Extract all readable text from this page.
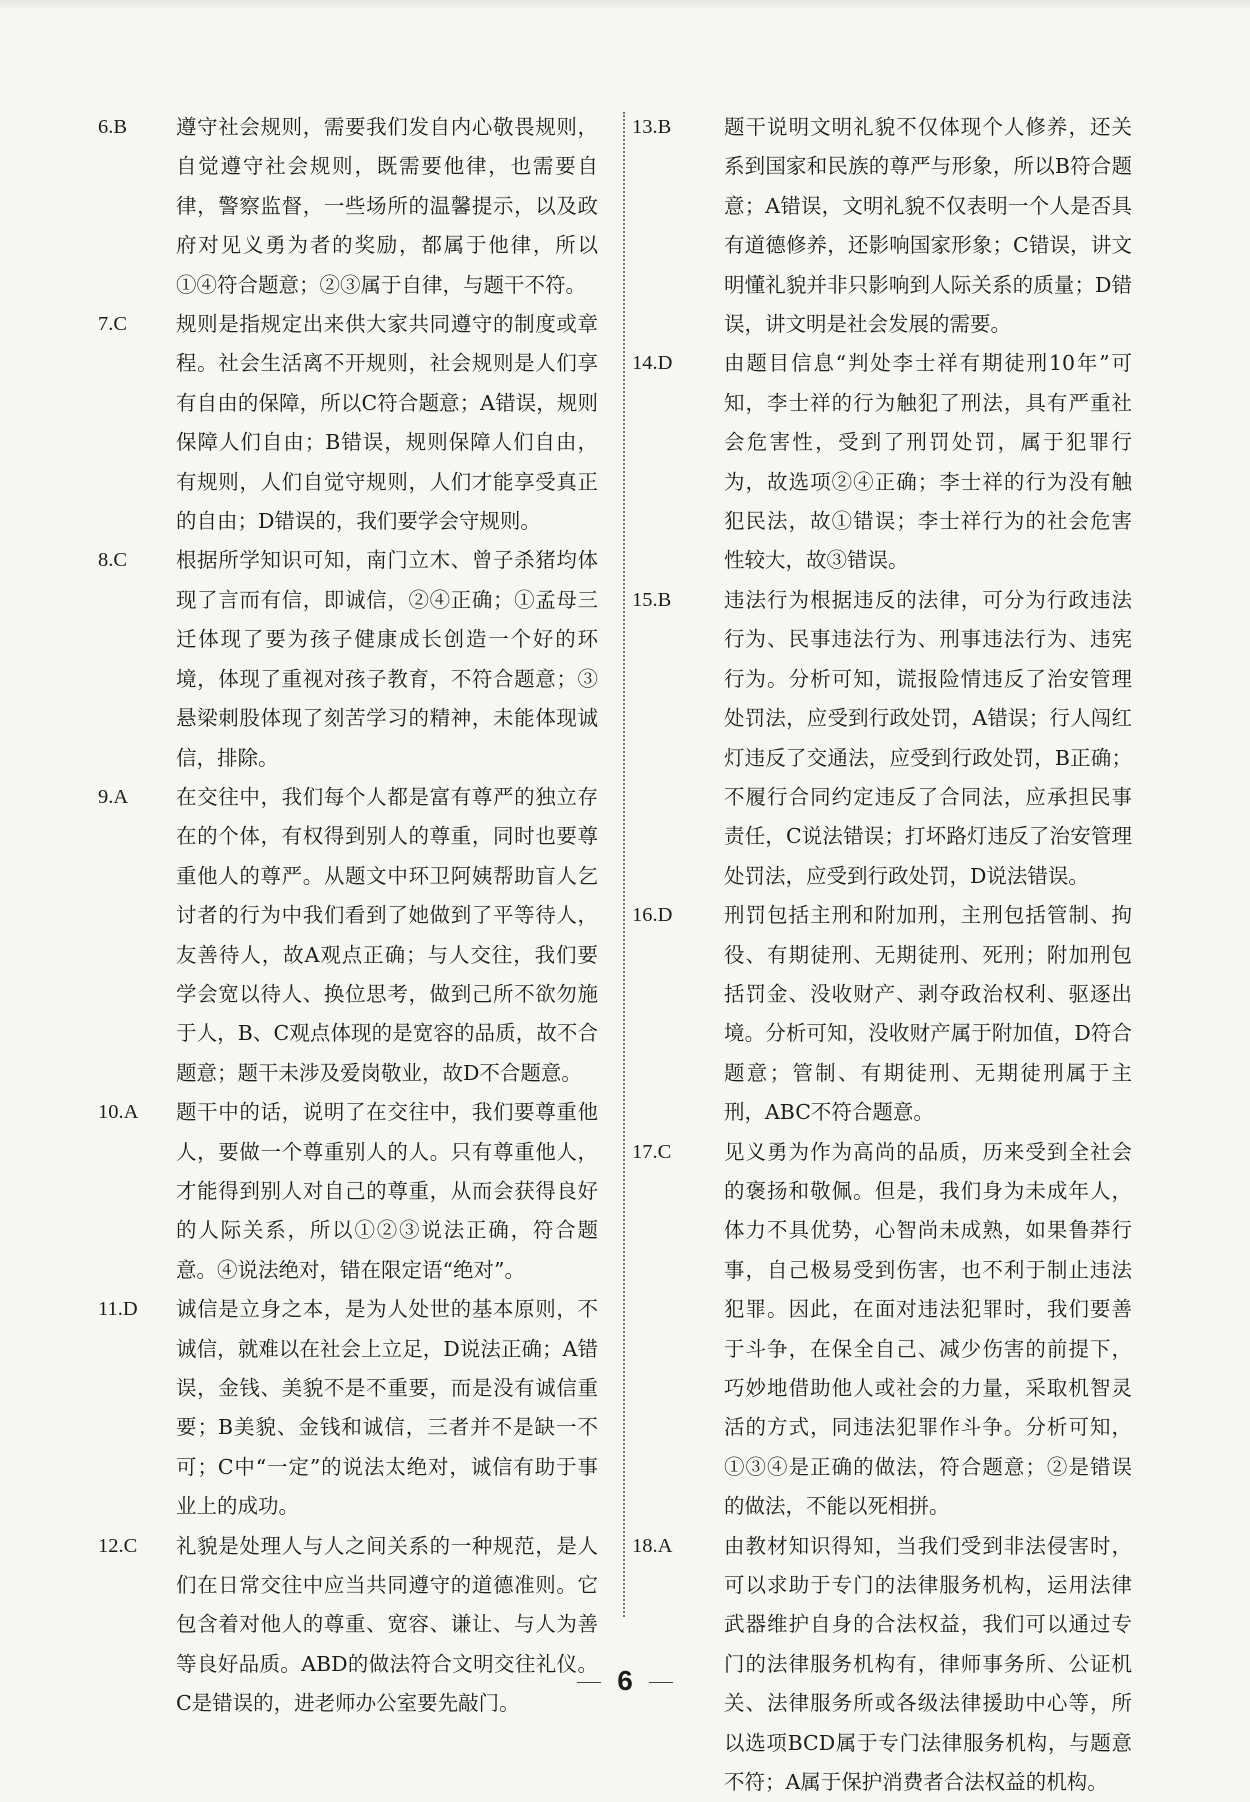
6.B	遵守社会规则，需要我们发自内心敬畏规则，自觉遵守社会规则，既需要他律，也需要自律，警察监督，一些场所的温馨提示，以及政府对见义勇为者的奖励，都属于他律，所以①④符合题意；②③属于自律，与题干不符。
7.C	规则是指规定出来供大家共同遵守的制度或章程。社会生活离不开规则，社会规则是人们享有自由的保障，所以C符合题意；A错误，规则保障人们自由；B错误，规则保障人们自由，有规则，人们自觉守规则，人们才能享受真正的自由；D错误的，我们要学会守规则。
8.C	根据所学知识可知，南门立木、曾子杀猪均体现了言而有信，即诚信，②④正确；①孟母三迁体现了要为孩子健康成长创造一个好的环境，体现了重视对孩子教育，不符合题意；③悬梁刺股体现了刻苦学习的精神，未能体现诚信，排除。
9.A	在交往中，我们每个人都是富有尊严的独立存在的个体，有权得到别人的尊重，同时也要尊重他人的尊严。从题文中环卫阿姨帮助盲人乞讨者的行为中我们看到了她做到了平等待人，友善待人，故A观点正确；与人交往，我们要学会宽以待人、换位思考，做到己所不欲勿施于人，B、C观点体现的是宽容的品质，故不合题意；题干未涉及爱岗敬业，故D不合题意。
10.A	题干中的话，说明了在交往中，我们要尊重他人，要做一个尊重别人的人。只有尊重他人，才能得到别人对自己的尊重，从而会获得良好的人际关系，所以①②③说法正确，符合题意。④说法绝对，错在限定语“绝对”。
11.D	诚信是立身之本，是为人处世的基本原则，不诚信，就难以在社会上立足，D说法正确；A错误，金钱、美貌不是不重要，而是没有诚信重要；B美貌、金钱和诚信，三者并不是缺一不可；C中“一定”的说法太绝对，诚信有助于事业上的成功。
12.C	礼貌是处理人与人之间关系的一种规范，是人们在日常交往中应当共同遵守的道德准则。它包含着对他人的尊重、宽容、谦让、与人为善等良好品质。ABD的做法符合文明交往礼仪。C是错误的，进老师办公室要先敲门。
13.B	题干说明文明礼貌不仅体现个人修养，还关系到国家和民族的尊严与形象，所以B符合题意；A错误，文明礼貌不仅表明一个人是否具有道德修养，还影响国家形象；C错误，讲文明懂礼貌并非只影响到人际关系的质量；D错误，讲文明是社会发展的需要。
14.D	由题目信息“判处李士祥有期徒刑10年”可知，李士祥的行为触犯了刑法，具有严重社会危害性，受到了刑罚处罚，属于犯罪行为，故选项②④正确；李士祥的行为没有触犯民法，故①错误；李士祥行为的社会危害性较大，故③错误。
15.B	违法行为根据违反的法律，可分为行政违法行为、民事违法行为、刑事违法行为、违宪行为。分析可知，谎报险情违反了治安管理处罚法，应受到行政处罚，A错误；行人闯红灯违反了交通法，应受到行政处罚，B正确；不履行合同约定违反了合同法，应承担民事责任，C说法错误；打坏路灯违反了治安管理处罚法，应受到行政处罚，D说法错误。
16.D	刑罚包括主刑和附加刑，主刑包括管制、拘役、有期徒刑、无期徒刑、死刑；附加刑包括罚金、没收财产、剥夺政治权利、驱逐出境。分析可知，没收财产属于附加值，D符合题意；管制、有期徒刑、无期徒刑属于主刑，ABC不符合题意。
17.C	见义勇为作为高尚的品质，历来受到全社会的褒扬和敬佩。但是，我们身为未成年人，体力不具优势，心智尚未成熟，如果鲁莽行事，自己极易受到伤害，也不利于制止违法犯罪。因此，在面对违法犯罪时，我们要善于斗争，在保全自己、减少伤害的前提下，巧妙地借助他人或社会的力量，采取机智灵活的方式，同违法犯罪作斗争。分析可知，①③④是正确的做法，符合题意；②是错误的做法，不能以死相拼。
18.A	由教材知识得知，当我们受到非法侵害时，可以求助于专门的法律服务机构，运用法律武器维护自身的合法权益，我们可以通过专门的法律服务机构有，律师事务所、公证机关、法律服务所或各级法律援助中心等，所以选项BCD属于专门法律服务机构，与题意不符；A属于保护消费者合法权益的机构。
6
